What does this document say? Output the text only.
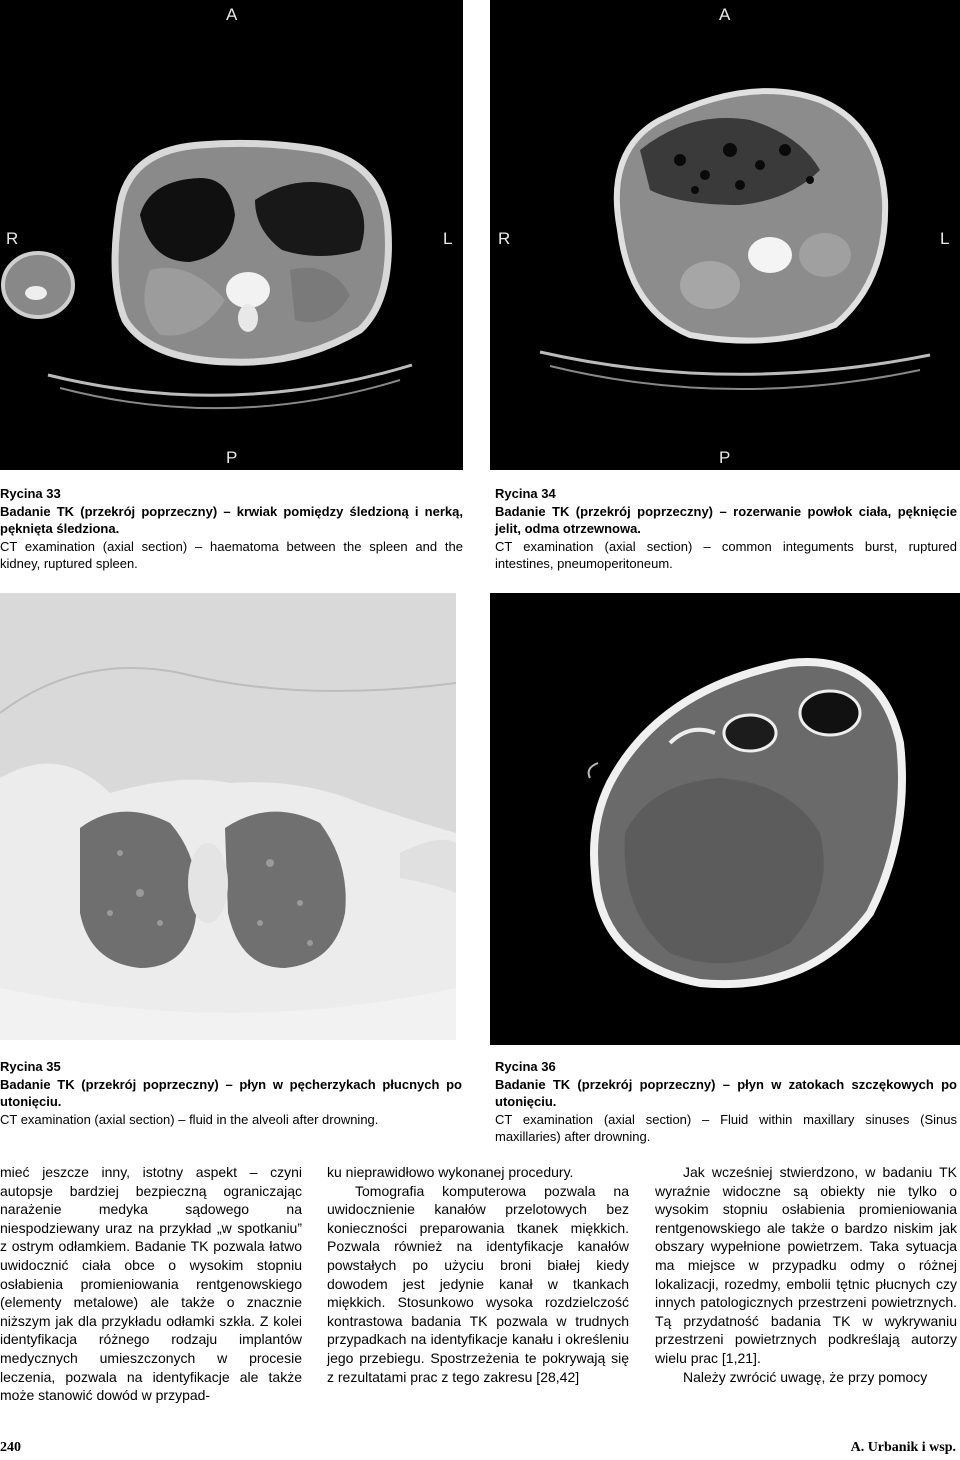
A
R	L
P
A
R	L
P
Rycina 33
Badanie TK (przekrój poprzeczny) – krwiak pomiędzy śledzioną i nerką, pęknięta śledziona.
CT examination (axial section) – haematoma between the spleen and the kidney, ruptured spleen.
Rycina 34
Badanie TK (przekrój poprzeczny) – rozerwanie powłok ciała, pęknięcie jelit, odma otrzewnowa.
CT examination (axial section) – common integuments burst, ruptured intestines, pneumoperitoneum.
Rycina 35
Badanie TK (przekrój poprzeczny) – płyn w pęcherzykach płucnych po utonięciu.
CT examination (axial section) – fluid in the alveoli after drowning.
Rycina 36
Badanie TK (przekrój poprzeczny) – płyn w zatokach szczękowych po utonięciu.
CT examination (axial section) – Fluid within maxillary sinuses (Sinus maxillaries) after drowning.

mieć jeszcze inny, istotny aspekt – czyni autopsje bardziej bezpieczną ograniczając narażenie medyka sądowego na niespodziewany uraz na przykład „w spotkaniu” z ostrym odłamkiem. Badanie TK pozwala łatwo uwidocznić ciała obce o wysokim stopniu osłabienia promieniowania rentgenowskiego (elementy metalowe) ale także o znacznie niższym jak dla przykładu odłamki szkła. Z kolei identyfikacja różnego rodzaju implantów medycznych umieszczonych w procesie leczenia, pozwala na identyfikacje ale także może stanowić dowód w przypad-

ku nieprawidłowo wykonanej procedury.

Tomografia komputerowa pozwala na uwidocznienie kanałów przelotowych bez konieczności preparowania tkanek miękkich. Pozwala również na identyfikacje kanałów powstałych po użyciu broni białej kiedy dowodem jest jedynie kanał w tkankach miękkich. Stosunkowo wysoka rozdzielczość kontrastowa badania TK pozwala w trudnych przypadkach na identyfikacje kanału i określeniu jego przebiegu. Spostrzeżenia te pokrywają się z rezultatami prac z tego zakresu [28,42]

Jak wcześniej stwierdzono, w badaniu TK wyraźnie widoczne są obiekty nie tylko o wysokim stopniu osłabienia promieniowania rentgenowskiego ale także o bardzo niskim jak obszary wypełnione powietrzem. Taka sytuacja ma miejsce w przypadku odmy o różnej lokalizacji, rozedmy, embolii tętnic płucnych czy innych patologicznych przestrzeni powietrznych. Tą przydatność badania TK w wykrywaniu przestrzeni powietrznych podkreślają autorzy wielu prac [1,21].

Należy zwrócić uwagę, że przy pomocy

240	A. Urbanik i wsp.
